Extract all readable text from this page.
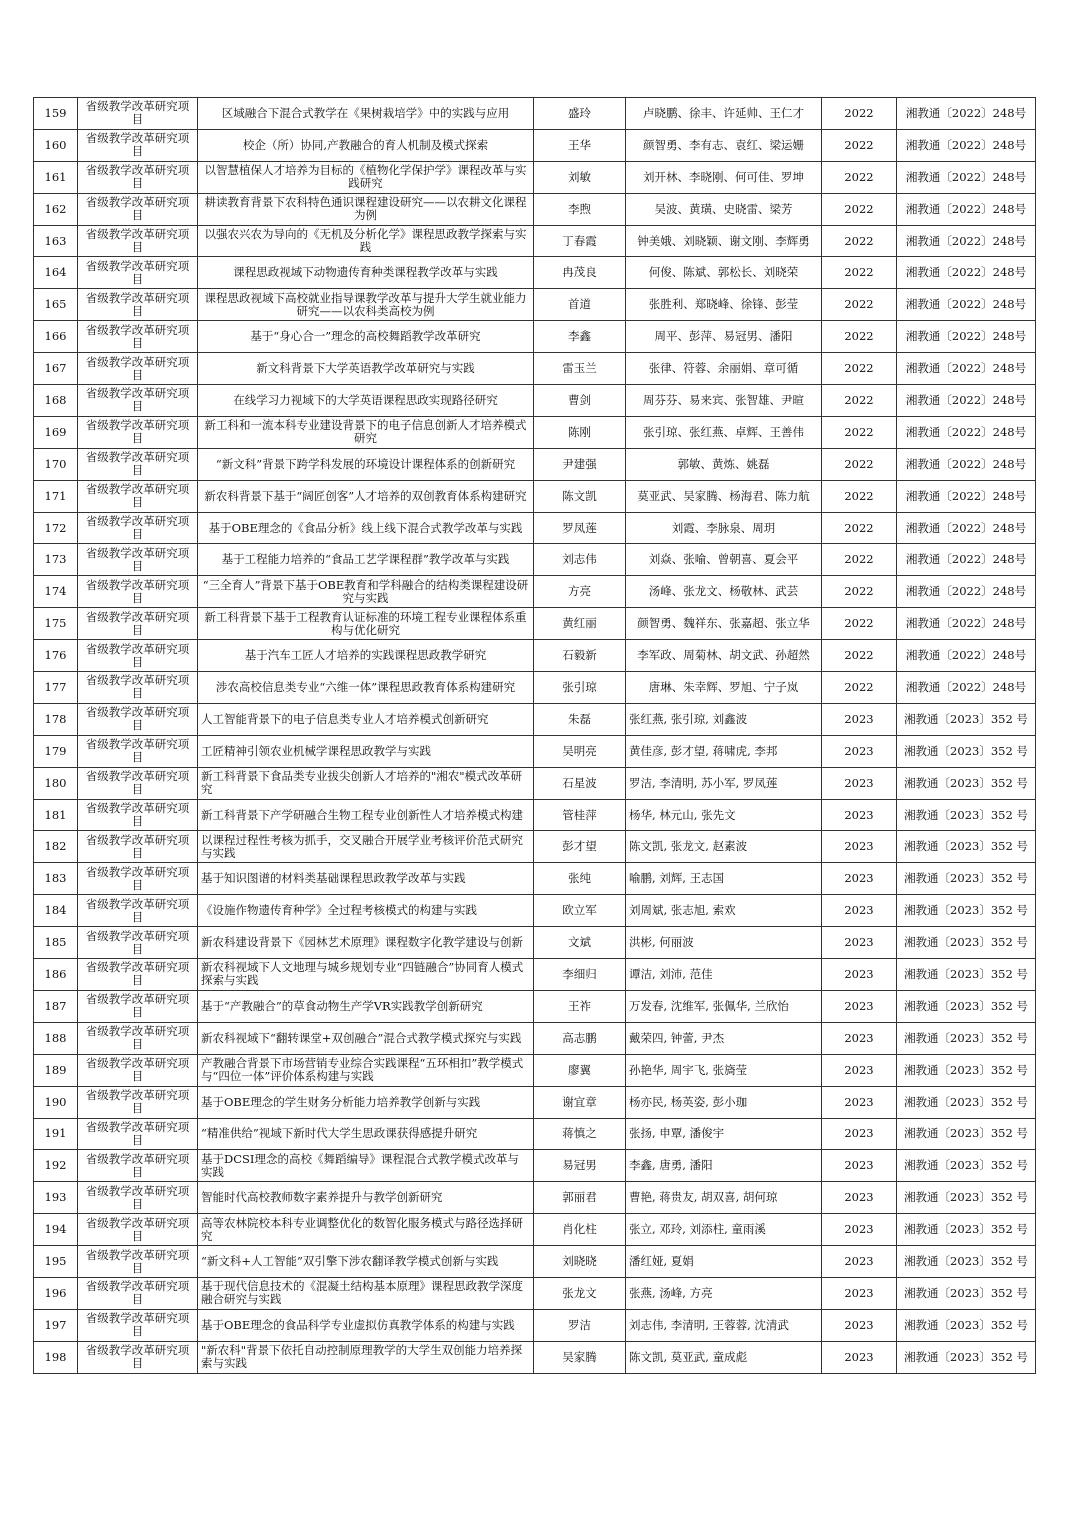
159	省级教学改革研究项目	区域融合下混合式教学在《果树栽培学》中的实践与应用	盛玲	卢晓鹏、徐丰、许延帅、王仁才	2022	湘教通〔2022〕248号
160	省级教学改革研究项目	校企（所）协同,产教融合的育人机制及模式探索	王华	颜智勇、李有志、袁红、梁运姗	2022	湘教通〔2022〕248号
161	省级教学改革研究项目	以智慧植保人才培养为目标的《植物化学保护学》课程改革与实践研究	刘敏	刘开林、李晓刚、何可佳、罗坤	2022	湘教通〔2022〕248号
162	省级教学改革研究项目	耕读教育背景下农科特色通识课程建设研究——以农耕文化课程为例	李煦	吴波、黄璜、史晓雷、梁芳	2022	湘教通〔2022〕248号
163	省级教学改革研究项目	以强农兴农为导向的《无机及分析化学》课程思政教学探索与实践	丁春霞	钟美娥、刘晓颖、谢文刚、李辉勇	2022	湘教通〔2022〕248号
164	省级教学改革研究项目	课程思政视域下动物遗传育种类课程教学改革与实践	冉茂良	何俊、陈斌、郭松长、刘晓荣	2022	湘教通〔2022〕248号
165	省级教学改革研究项目	课程思政视域下高校就业指导课教学改革与提升大学生就业能力研究——以农科类高校为例	首道	张胜利、郑晓峰、徐锋、彭莹	2022	湘教通〔2022〕248号
166	省级教学改革研究项目	基于“身心合一”理念的高校舞蹈教学改革研究	李鑫	周平、彭萍、易冠男、潘阳	2022	湘教通〔2022〕248号
167	省级教学改革研究项目	新文科背景下大学英语教学改革研究与实践	雷玉兰	张律、符蓉、余丽娟、章可循	2022	湘教通〔2022〕248号
168	省级教学改革研究项目	在线学习力视域下的大学英语课程思政实现路径研究	曹剑	周芬芬、易来宾、张智雄、尹暄	2022	湘教通〔2022〕248号
169	省级教学改革研究项目	新工科和一流本科专业建设背景下的电子信息创新人才培养模式研究	陈刚	张引琼、张红燕、卓辉、王善伟	2022	湘教通〔2022〕248号
170	省级教学改革研究项目	“新文科”背景下跨学科发展的环境设计课程体系的创新研究	尹建强	郭敏、黄炼、姚磊	2022	湘教通〔2022〕248号
171	省级教学改革研究项目	新农科背景下基于“阔匠创客”人才培养的双创教育体系构建研究	陈文凯	莫亚武、吴家腾、杨海君、陈力航	2022	湘教通〔2022〕248号
172	省级教学改革研究项目	基于OBE理念的《食品分析》线上线下混合式教学改革与实践	罗凤莲	刘霞、李脉泉、周玥	2022	湘教通〔2022〕248号
173	省级教学改革研究项目	基于工程能力培养的“食品工艺学课程群”教学改革与实践	刘志伟	刘焱、张喻、曾朝喜、夏会平	2022	湘教通〔2022〕248号
174	省级教学改革研究项目	“三全育人”背景下基于OBE教育和学科融合的结构类课程建设研究与实践	方亮	汤峰、张龙文、杨敬林、武芸	2022	湘教通〔2022〕248号
175	省级教学改革研究项目	新工科背景下基于工程教育认证标准的环境工程专业课程体系重构与优化研究	黄红丽	颜智勇、魏祥东、张嘉超、张立华	2022	湘教通〔2022〕248号
176	省级教学改革研究项目	基于汽车工匠人才培养的实践课程思政教学研究	石毅新	李军政、周菊林、胡文武、孙超然	2022	湘教通〔2022〕248号
177	省级教学改革研究项目	涉农高校信息类专业“六维一体”课程思政教育体系构建研究	张引琼	唐琳、朱幸辉、罗旭、宁子岚	2022	湘教通〔2022〕248号
178	省级教学改革研究项目	人工智能背景下的电子信息类专业人才培养模式创新研究	朱磊	张红燕, 张引琼, 刘鑫波	2023	湘教通〔2023〕352 号
179	省级教学改革研究项目	工匠精神引领农业机械学课程思政教学与实践	吴明亮	黄佳彦, 彭才望, 蒋啸虎, 李邦	2023	湘教通〔2023〕352 号
180	省级教学改革研究项目	新工科背景下食品类专业拔尖创新人才培养的"湘农"模式改革研究	石星波	罗洁, 李清明, 苏小军, 罗凤莲	2023	湘教通〔2023〕352 号
181	省级教学改革研究项目	新工科背景下产学研融合生物工程专业创新性人才培养模式构建	管桂萍	杨华, 林元山, 张先文	2023	湘教通〔2023〕352 号
182	省级教学改革研究项目	以课程过程性考核为抓手，交叉融合开展学业考核评价范式研究与实践	彭才望	陈文凯, 张龙文, 赵素波	2023	湘教通〔2023〕352 号
183	省级教学改革研究项目	基于知识图谱的材料类基础课程思政教学改革与实践	张纯	喻鹏, 刘辉, 王志国	2023	湘教通〔2023〕352 号
184	省级教学改革研究项目	《设施作物遗传育种学》全过程考核模式的构建与实践	欧立军	刘周斌, 张志旭, 索欢	2023	湘教通〔2023〕352 号
185	省级教学改革研究项目	新农科建设背景下《园林艺术原理》课程数字化教学建设与创新	文斌	洪彬, 何丽波	2023	湘教通〔2023〕352 号
186	省级教学改革研究项目	新农科视域下人文地理与城乡规划专业“四链融合”协同育人模式探索与实践	李细归	谭洁, 刘沛, 范佳	2023	湘教通〔2023〕352 号
187	省级教学改革研究项目	基于“产教融合”的草食动物生产学VR实践教学创新研究	王祚	万发春, 沈维军, 张佩华, 兰欣怡	2023	湘教通〔2023〕352 号
188	省级教学改革研究项目	新农科视域下“翻转课堂+双创融合”混合式教学模式探究与实践	高志鹏	戴荣四, 钟蕾, 尹杰	2023	湘教通〔2023〕352 号
189	省级教学改革研究项目	产教融合背景下市场营销专业综合实践课程“五环相扣”教学模式与“四位一体”评价体系构建与实践	廖翼	孙艳华, 周宇飞, 张旖莹	2023	湘教通〔2023〕352 号
190	省级教学改革研究项目	基于OBE理念的学生财务分析能力培养教学创新与实践	谢宜章	杨亦民, 杨英姿, 彭小珈	2023	湘教通〔2023〕352 号
191	省级教学改革研究项目	“精准供给”视域下新时代大学生思政课获得感提升研究	蒋慎之	张扬, 申覃, 潘俊宇	2023	湘教通〔2023〕352 号
192	省级教学改革研究项目	基于DCSI理念的高校《舞蹈编导》课程混合式教学模式改革与实践	易冠男	李鑫, 唐勇, 潘阳	2023	湘教通〔2023〕352 号
193	省级教学改革研究项目	智能时代高校教师数字素养提升与教学创新研究	郭丽君	曹艳, 蒋贵友, 胡双喜, 胡何琼	2023	湘教通〔2023〕352 号
194	省级教学改革研究项目	高等农林院校本科专业调整优化的数智化服务模式与路径选择研究	肖化柱	张立, 邓玲, 刘添柱, 童雨溪	2023	湘教通〔2023〕352 号
195	省级教学改革研究项目	“新文科+人工智能”双引擎下涉农翻译教学模式创新与实践	刘晓晓	潘红娅, 夏娟	2023	湘教通〔2023〕352 号
196	省级教学改革研究项目	基于现代信息技术的《混凝土结构基本原理》课程思政教学深度融合研究与实践	张龙文	张燕, 汤峰, 方亮	2023	湘教通〔2023〕352 号
197	省级教学改革研究项目	基于OBE理念的食品科学专业虚拟仿真教学体系的构建与实践	罗洁	刘志伟, 李清明, 王蓉蓉, 沈清武	2023	湘教通〔2023〕352 号
198	省级教学改革研究项目	"新农科"背景下依托自动控制原理教学的大学生双创能力培养探索与实践	吴家腾	陈文凯, 莫亚武, 童成彪	2023	湘教通〔2023〕352 号
